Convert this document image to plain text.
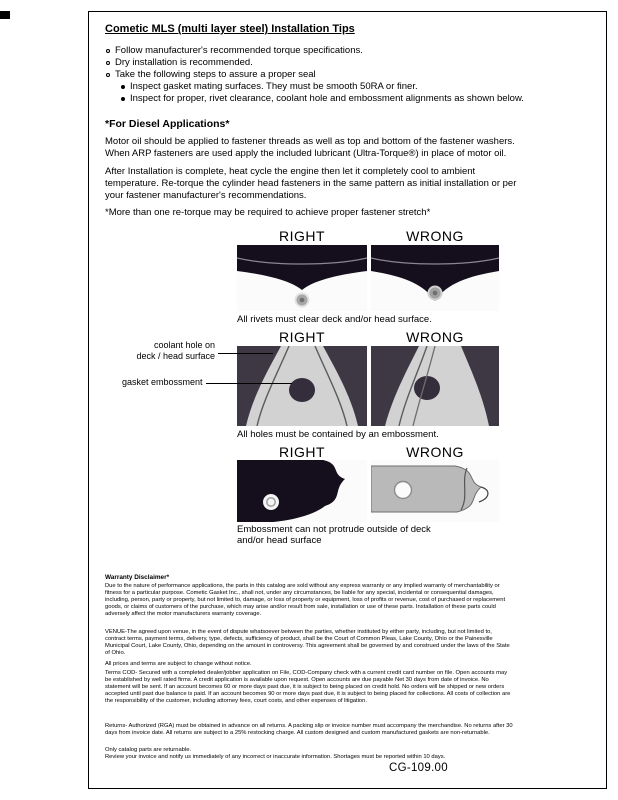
Cometic MLS (multi layer steel) Installation Tips
Follow manufacturer's recommended torque specifications.
Dry installation is recommended.
Take the following steps to assure a proper seal
Inspect gasket mating surfaces. They must be smooth 50RA or finer.
Inspect for proper, rivet clearance, coolant hole and embossment alignments as shown below.
*For Diesel Applications*
Motor oil should be applied to fastener threads as well as top and bottom of the fastener washers. When ARP fasteners are used apply the included lubricant (Ultra-Torque®) in place of motor oil.
After Installation is complete, heat cycle the engine then let it completely cool to ambient temperature. Re-torque the cylinder head fasteners in the same pattern as initial installation or per your fastener manufacturer's recommendations.
*More than one re-torque may be required to achieve proper fastener stretch*
RIGHT	WRONG
All rivets must clear deck and/or head surface.
RIGHT	WRONG
coolant hole on
deck / head surface
gasket embossment
All holes must be contained by an embossment.
RIGHT	WRONG
Embossment can not protrude outside of deck
and/or head surface
Warranty Disclaimer*
Due to the nature of performance applications, the parts in this catalog are sold without any express warranty or any implied warranty of merchantability or fitness for a particular purpose. Cometic Gasket Inc., shall not, under any circumstances, be liable for any special, incidental or consequential damages, including, person, party or property, but not limited to, damage, or loss of property or equipment, loss of profits or revenue, cost of purchased or replacement goods, or claims of customers of the purchase, which may arise and/or result from sale, installation or use of these parts. Installation of these parts could adversely affect the motor manufacturers warranty coverage.
VENUE-The agreed upon venue, in the event of dispute whatsoever between the parties, whether instituted by either party, including, but not limited to, contract terms, payment terms, delivery, type, defects, sufficiency of product, shall be the Court of Common Pleas, Lake County, Ohio or the Painesville Municipal Court, Lake County, Ohio, depending on the amount in controversy. This agreement shall be governed by and construed under the laws of the State of Ohio.
All prices and terms are subject to change without notice.
Terms COD- Secured with a completed dealer/jobber application on File, COD-Company check with a current credit card number on file. Open accounts may be established by well rated firms. A credit application is available upon request. Open accounts are due payable Net 30 days from date of invoice. No statement will be sent. If an account becomes 60 or more days past due, it is subject to being placed on credit hold. No orders will be shipped or new orders accepted until past due balance is paid. If an account becomes 90 or more days past due, it is subject to being placed for collections. All costs of collection are the responsibility of the customer, including attorney fees, court costs, and other expenses of litigation.
Returns- Authorized (RGA) must be obtained in advance on all returns. A packing slip or invoice number must accompany the merchandise. No returns after 30 days from invoice date. All returns are subject to a 25% restocking charge. All custom designed and custom manufactured gaskets are non-returnable.
Only catalog parts are returnable.
Review your invoice and notify us immediately of any incorrect or inaccurate information. Shortages must be reported within 10 days.
CG-109.00
